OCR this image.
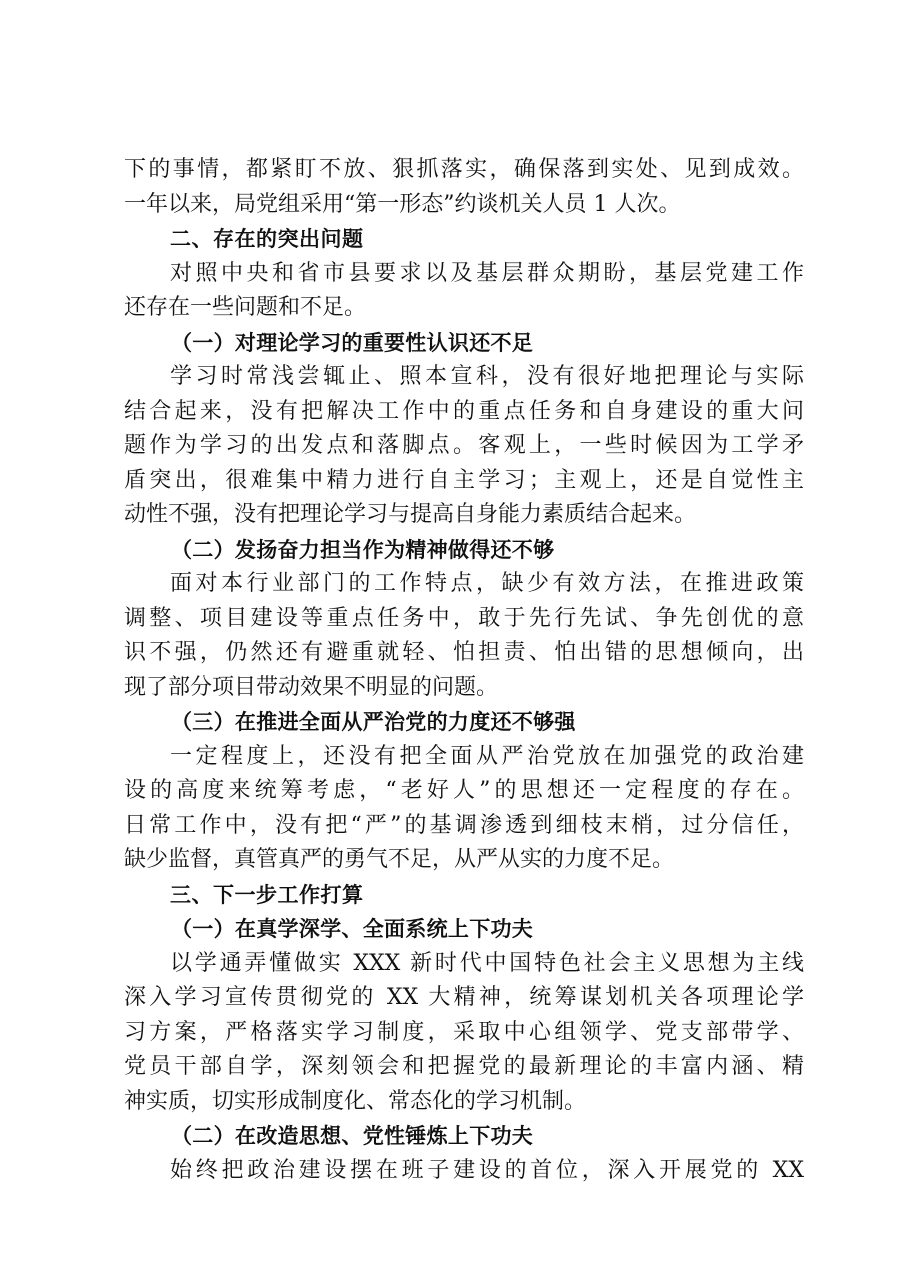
下的事情，都紧盯不放、狠抓落实，确保落到实处、见到成效。
一年以来，局党组采用“第一形态”约谈机关人员 1 人次。
二、存在的突出问题
对照中央和省市县要求以及基层群众期盼，基层党建工作
还存在一些问题和不足。
（一）对理论学习的重要性认识还不足
学习时常浅尝辄止、照本宣科，没有很好地把理论与实际
结合起来，没有把解决工作中的重点任务和自身建设的重大问
题作为学习的出发点和落脚点。客观上，一些时候因为工学矛
盾突出，很难集中精力进行自主学习；主观上，还是自觉性主
动性不强，没有把理论学习与提高自身能力素质结合起来。
（二）发扬奋力担当作为精神做得还不够
面对本行业部门的工作特点，缺少有效方法，在推进政策
调整、项目建设等重点任务中，敢于先行先试、争先创优的意
识不强，仍然还有避重就轻、怕担责、怕出错的思想倾向，出
现了部分项目带动效果不明显的问题。
（三）在推进全面从严治党的力度还不够强
一定程度上，还没有把全面从严治党放在加强党的政治建
设的高度来统筹考虑，“老好人”的思想还一定程度的存在。
日常工作中，没有把“严”的基调渗透到细枝末梢，过分信任，
缺少监督，真管真严的勇气不足，从严从实的力度不足。
三、下一步工作打算
（一）在真学深学、全面系统上下功夫
以学通弄懂做实 XXX 新时代中国特色社会主义思想为主线
深入学习宣传贯彻党的 XX 大精神，统筹谋划机关各项理论学
习方案，严格落实学习制度，采取中心组领学、党支部带学、
党员干部自学，深刻领会和把握党的最新理论的丰富内涵、精
神实质，切实形成制度化、常态化的学习机制。
（二）在改造思想、党性锤炼上下功夫
始终把政治建设摆在班子建设的首位，深入开展党的 XX
